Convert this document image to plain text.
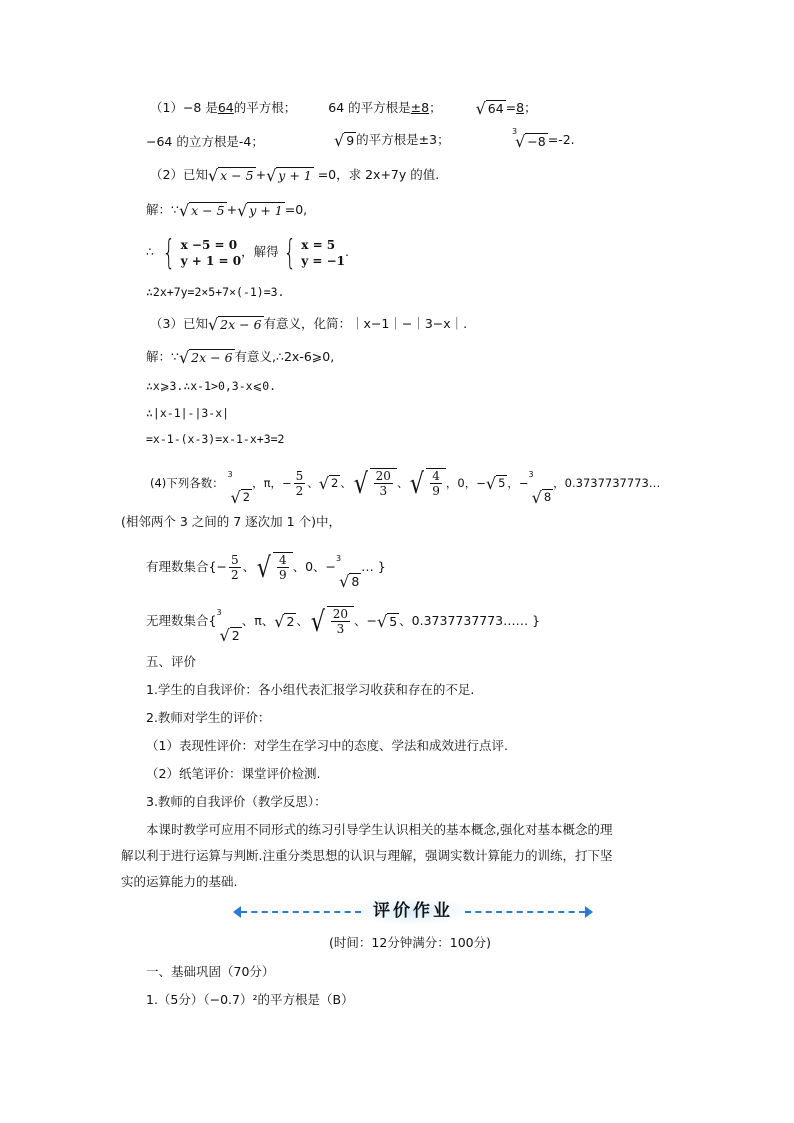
（1）−8 是64的平方根；	64 的平方根是±8； √ 64 =8；
−64 的立方根是-4；	√ 9 的平方根是±3；
3
√ −8 =-2.
（2）已知 √ x − 5 + √ y + 1 =0，求 2x+7y 的值.
解：∵ √ x − 5 + √ y + 1 =0,
∴ { x −5 = 0
y + 1 = 0
，解得 { x = 5
y = −1
.
∴2x+7y=2×5+7×(-1)=3.
（3）已知 √ 2x − 6 有意义，化简：｜x−1｜−｜3−x｜.
解：∵ √ 2x − 6 有意义,∴2x-6⩾0,
∴x⩾3.∴x-1>0,3-x⩽0.
∴|x-1|-|3-x|
=x-1-(x-3)=x-1-x+3=2
(4)下列各数：
3
√ 2
，π，− $\frac{5}{2}$ 、 √ 2 、 √ $\frac{20}{3}$ 、 √ $\frac{4}{9}$ ，0，− √ 5 ，−
3
√ 8
，0.3737737773…
(相邻两个 3 之间的 7 逐次加 1 个)中，
有理数集合{− $\frac{5}{2}$ 、 √ $\frac{4}{9}$ 、0、−
3
√ 8
… }
无理数集合{
3
√ 2
、π、 √ 2 、 √ $\frac{20}{3}$ 、− √ 5 、0.3737737773…… }
五、评价
1.学生的自我评价：各小组代表汇报学习收获和存在的不足.
2.教师对学生的评价：
（1）表现性评价：对学生在学习中的态度、学法和成效进行点评.
（2）纸笔评价：课堂评价检测.
3.教师的自我评价（教学反思）：
本课时教学可应用不同形式的练习引导学生认识相关的基本概念,强化对基本概念的理
解以利于进行运算与判断.注重分类思想的认识与理解，强调实数计算能力的训练，打下坚
实的运算能力的基础.
评价作业
(时间：12分钟满分：100分)
一、基础巩固（70分）
1.（5分）（−0.7）²的平方根是（B）
